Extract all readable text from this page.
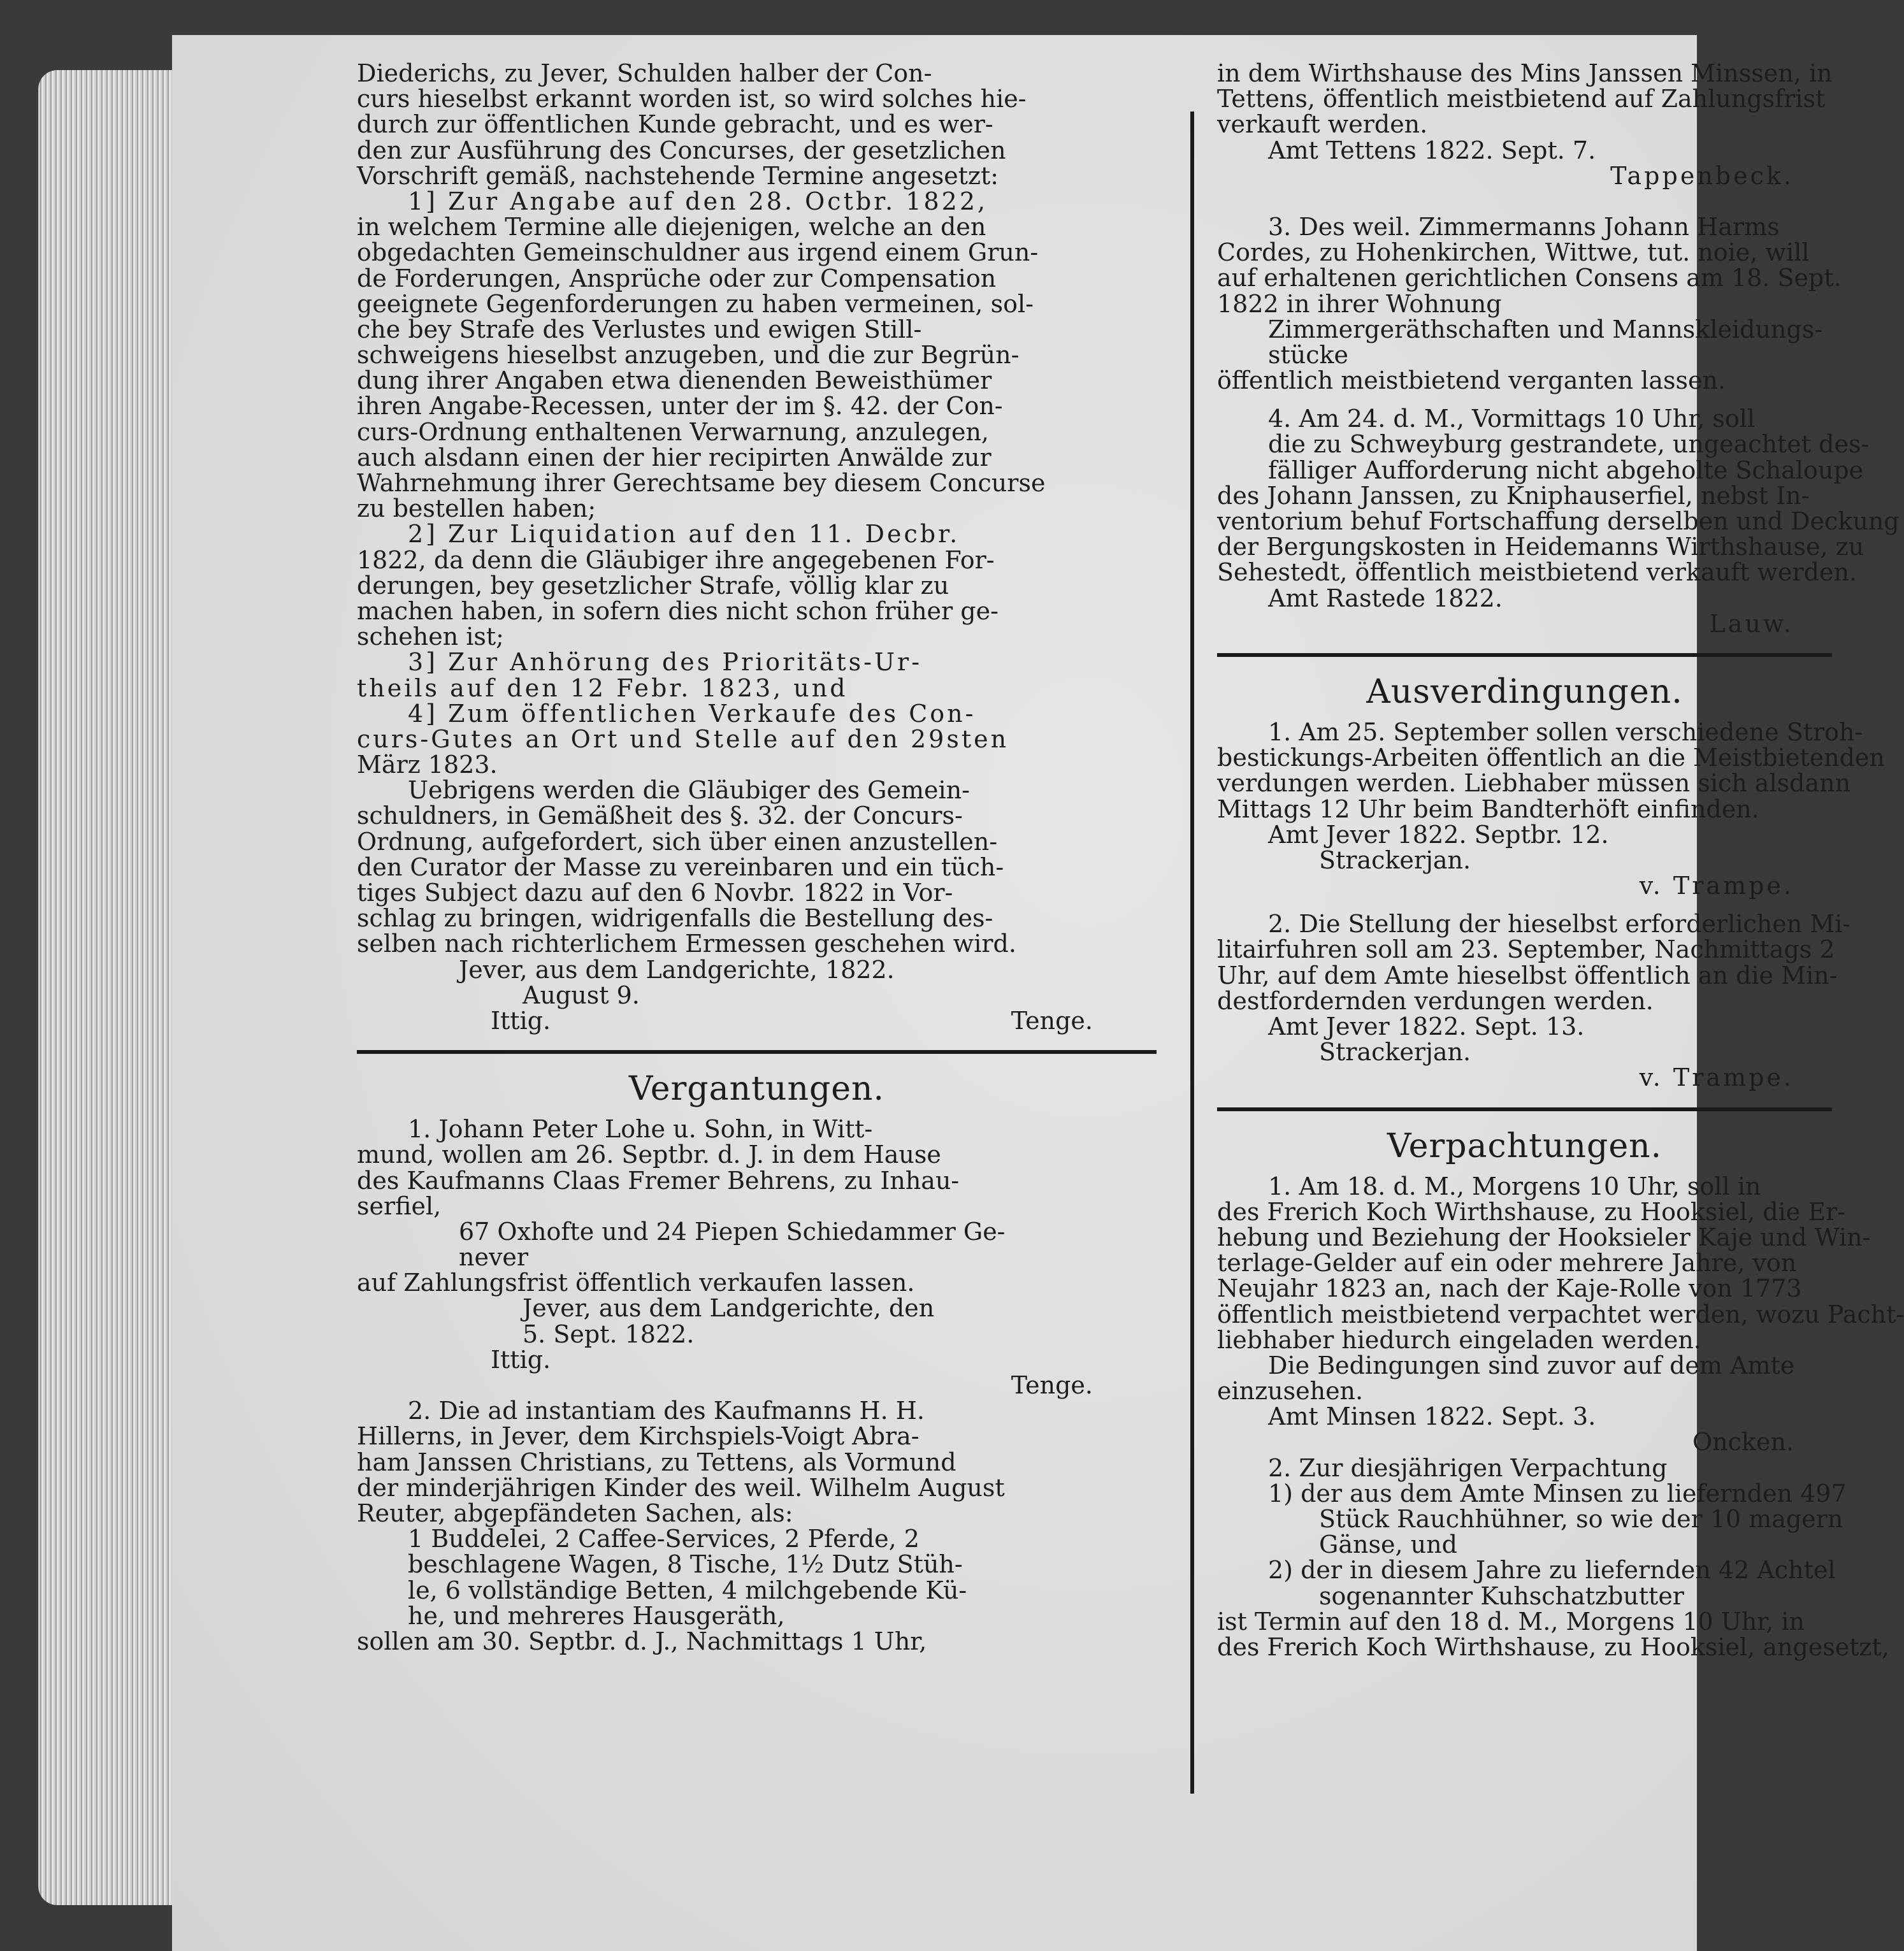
Diederichs, zu Jever, Schulden halber der Con-
curs hieselbst erkannt worden ist, so wird solches hie-
durch zur öffentlichen Kunde gebracht, und es wer-
den zur Ausführung des Concurses, der gesetzlichen
Vorschrift gemäß, nachstehende Termine angesetzt:
1] Zur Angabe auf den 28. Octbr. 1822,
in welchem Termine alle diejenigen, welche an den
obgedachten Gemeinschuldner aus irgend einem Grun-
de Forderungen, Ansprüche oder zur Compensation
geeignete Gegenforderungen zu haben vermeinen, sol-
che bey Strafe des Verlustes und ewigen Still-
schweigens hieselbst anzugeben, und die zur Begrün-
dung ihrer Angaben etwa dienenden Beweisthümer
ihren Angabe-Recessen, unter der im §. 42. der Con-
curs-Ordnung enthaltenen Verwarnung, anzulegen,
auch alsdann einen der hier recipirten Anwälde zur
Wahrnehmung ihrer Gerechtsame bey diesem Concurse
zu bestellen haben;
2] Zur Liquidation auf den 11. Decbr.
1822, da denn die Gläubiger ihre angegebenen For-
derungen, bey gesetzlicher Strafe, völlig klar zu
machen haben, in sofern dies nicht schon früher ge-
schehen ist;
3] Zur Anhörung des Prioritäts-Ur-
theils auf den 12 Febr. 1823, und
4] Zum öffentlichen Verkaufe des Con-
curs-Gutes an Ort und Stelle auf den 29sten
März 1823.
Uebrigens werden die Gläubiger des Gemein-
schuldners, in Gemäßheit des §. 32. der Concurs-
Ordnung, aufgefordert, sich über einen anzustellen-
den Curator der Masse zu vereinbaren und ein tüch-
tiges Subject dazu auf den 6 Novbr. 1822 in Vor-
schlag zu bringen, widrigenfalls die Bestellung des-
selben nach richterlichem Ermessen geschehen wird.
Jever, aus dem Landgerichte, 1822.
August 9.
Ittig.	Tenge.
Vergantungen.
1. Johann Peter Lohe u. Sohn, in Witt-
mund, wollen am 26. Septbr. d. J. in dem Hause
des Kaufmanns Claas Fremer Behrens, zu Inhau-
serfiel,
67 Oxhofte und 24 Piepen Schiedammer Ge-
never
auf Zahlungsfrist öffentlich verkaufen lassen.
Jever, aus dem Landgerichte, den
5. Sept. 1822.
Ittig.
Tenge.
2. Die ad instantiam des Kaufmanns H. H.
Hillerns, in Jever, dem Kirchspiels-Voigt Abra-
ham Janssen Christians, zu Tettens, als Vormund
der minderjährigen Kinder des weil. Wilhelm August
Reuter, abgepfändeten Sachen, als:
1 Buddelei, 2 Caffee-Services, 2 Pferde, 2
beschlagene Wagen, 8 Tische, 1½ Dutz Stüh-
le, 6 vollständige Betten, 4 milchgebende Kü-
he, und mehreres Hausgeräth,
sollen am 30. Septbr. d. J., Nachmittags 1 Uhr,
in dem Wirthshause des Mins Janssen Minssen, in
Tettens, öffentlich meistbietend auf Zahlungsfrist
verkauft werden.
Amt Tettens 1822. Sept. 7.
Tappenbeck.
3. Des weil. Zimmermanns Johann Harms
Cordes, zu Hohenkirchen, Wittwe, tut. noie, will
auf erhaltenen gerichtlichen Consens am 18. Sept.
1822 in ihrer Wohnung
Zimmergeräthschaften und Mannskleidungs-
stücke
öffentlich meistbietend verganten lassen.
4. Am 24. d. M., Vormittags 10 Uhr, soll
die zu Schweyburg gestrandete, ungeachtet des-
fälliger Aufforderung nicht abgeholte Schaloupe
des Johann Janssen, zu Kniphauserfiel, nebst In-
ventorium behuf Fortschaffung derselben und Deckung
der Bergungskosten in Heidemanns Wirthshause, zu
Sehestedt, öffentlich meistbietend verkauft werden.
Amt Rastede 1822.
Lauw.
Ausverdingungen.
1. Am 25. September sollen verschiedene Stroh-
bestickungs-Arbeiten öffentlich an die Meistbietenden
verdungen werden. Liebhaber müssen sich alsdann
Mittags 12 Uhr beim Bandterhöft einfinden.
Amt Jever 1822. Septbr. 12.
Strackerjan.
v. Trampe.
2. Die Stellung der hieselbst erforderlichen Mi-
litairfuhren soll am 23. September, Nachmittags 2
Uhr, auf dem Amte hieselbst öffentlich an die Min-
destfordernden verdungen werden.
Amt Jever 1822. Sept. 13.
Strackerjan.
v. Trampe.
Verpachtungen.
1. Am 18. d. M., Morgens 10 Uhr, soll in
des Frerich Koch Wirthshause, zu Hooksiel, die Er-
hebung und Beziehung der Hooksieler Kaje und Win-
terlage-Gelder auf ein oder mehrere Jahre, von
Neujahr 1823 an, nach der Kaje-Rolle von 1773
öffentlich meistbietend verpachtet werden, wozu Pacht-
liebhaber hiedurch eingeladen werden.
Die Bedingungen sind zuvor auf dem Amte
einzusehen.
Amt Minsen 1822. Sept. 3.
Oncken.
2. Zur diesjährigen Verpachtung
1) der aus dem Amte Minsen zu liefernden 497
Stück Rauchhühner, so wie der 10 magern
Gänse, und
2) der in diesem Jahre zu liefernden 42 Achtel
sogenannter Kuhschatzbutter
ist Termin auf den 18 d. M., Morgens 10 Uhr, in
des Frerich Koch Wirthshause, zu Hooksiel, angesetzt,
